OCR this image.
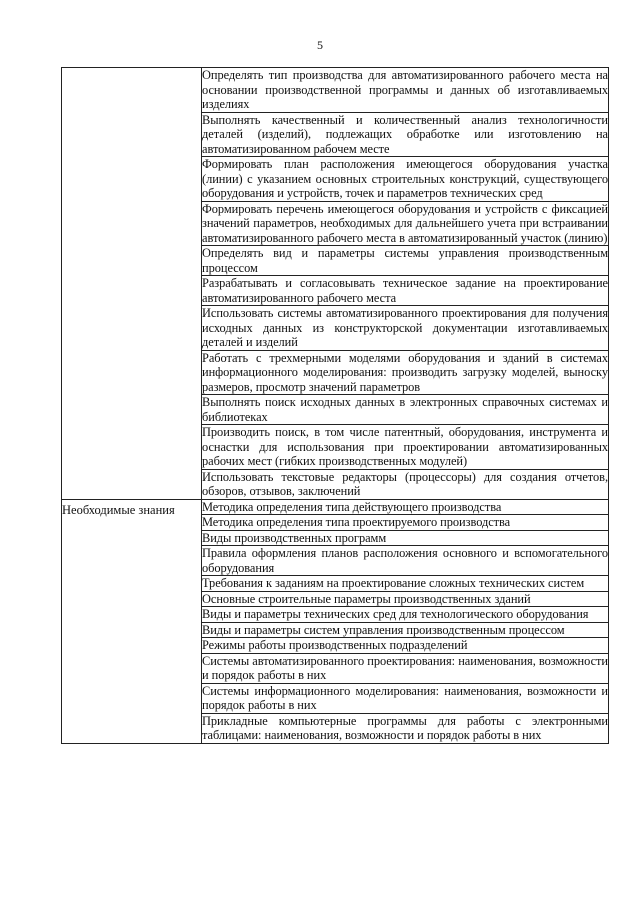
5

	Определять тип производства для автоматизированного рабочего места на основании производственной программы и данных об изготавливаемых изделиях

	Выполнять качественный и количественный анализ технологичности деталей (изделий), подлежащих обработке или изготовлению на автоматизированном рабочем месте

	Формировать план расположения имеющегося оборудования участка (линии) с указанием основных строительных конструкций, существующего оборудования и устройств, точек и параметров технических сред

	Формировать перечень имеющегося оборудования и устройств с фиксацией значений параметров, необходимых для дальнейшего учета при встраивании автоматизированного рабочего места в автоматизированный участок (линию)

	Определять вид и параметры системы управления производственным процессом

	Разрабатывать и согласовывать техническое задание на проектирование автоматизированного рабочего места

	Использовать системы автоматизированного проектирования для получения исходных данных из конструкторской документации изготавливаемых деталей и изделий

	Работать с трехмерными моделями оборудования и зданий в системах информационного моделирования: производить загрузку моделей, выноску размеров, просмотр значений параметров

	Выполнять поиск исходных данных в электронных справочных системах и библиотеках

	Производить поиск, в том числе патентный, оборудования, инструмента и оснастки для использования при проектировании автоматизированных рабочих мест (гибких производственных модулей)

	Использовать текстовые редакторы (процессоры) для создания отчетов, обзоров, отзывов, заключений

Необходимые знания	Методика определения типа действующего производства

	Методика определения типа проектируемого производства

	Виды производственных программ

	Правила оформления планов расположения основного и вспомогательного оборудования

	Требования к заданиям на проектирование сложных технических систем

	Основные строительные параметры производственных зданий

	Виды и параметры технических сред для технологического оборудования

	Виды и параметры систем управления производственным процессом

	Режимы работы производственных подразделений

	Системы автоматизированного проектирования: наименования, возможности и порядок работы в них

	Системы информационного моделирования: наименования, возможности и порядок работы в них

	Прикладные компьютерные программы для работы с электронными таблицами: наименования, возможности и порядок работы в них
